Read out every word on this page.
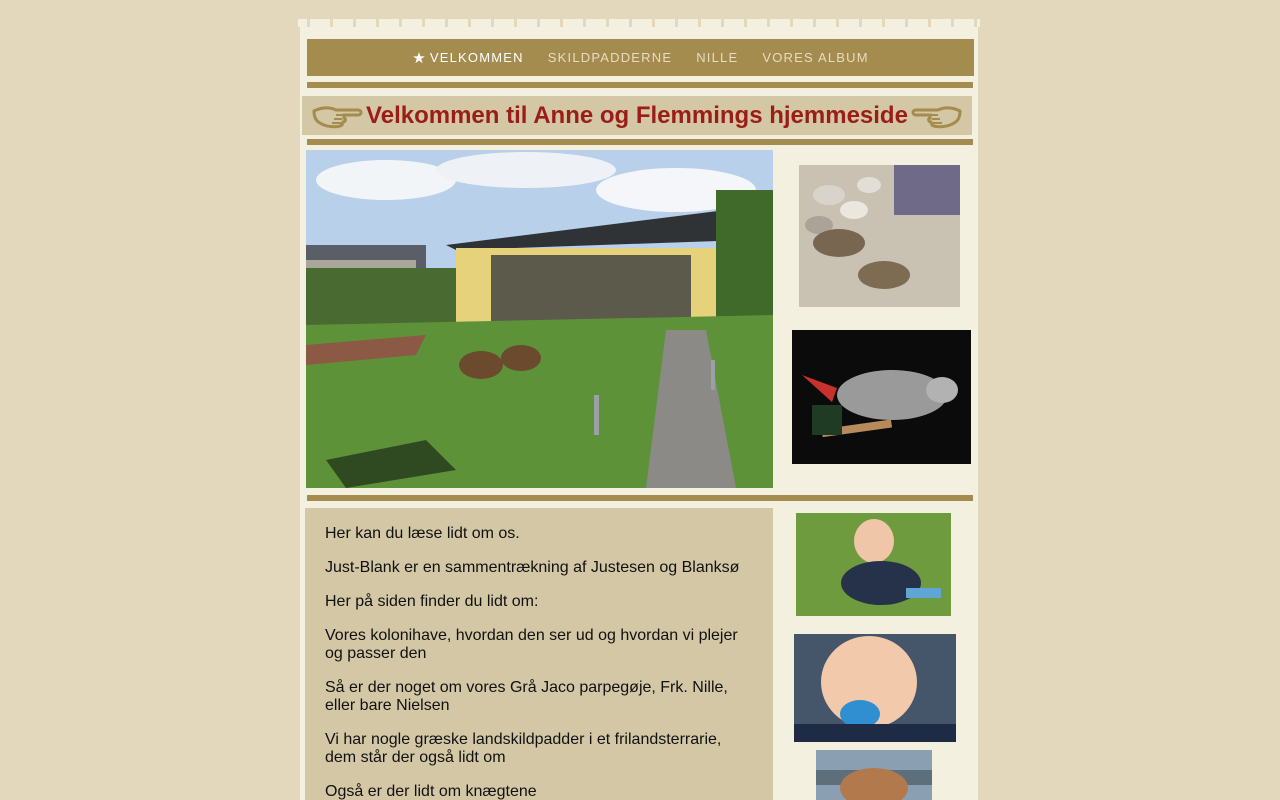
★ VELKOMMEN SKILDPADDERNE NILLE VORES ALBUM
Velkommen til Anne og Flemmings hjemmeside

Her kan du læse lidt om os.

Just-Blank er en sammentrækning af Justesen og Blanksø

Her på siden finder du lidt om:

Vores kolonihave, hvordan den ser ud og hvordan vi plejer og passer den

Så er der noget om vores Grå Jaco parpegøje, Frk. Nille, eller bare Nielsen

Vi har nogle græske landskildpadder i et frilandsterrarie, dem står der også lidt om

Også er der lidt om knægtene
